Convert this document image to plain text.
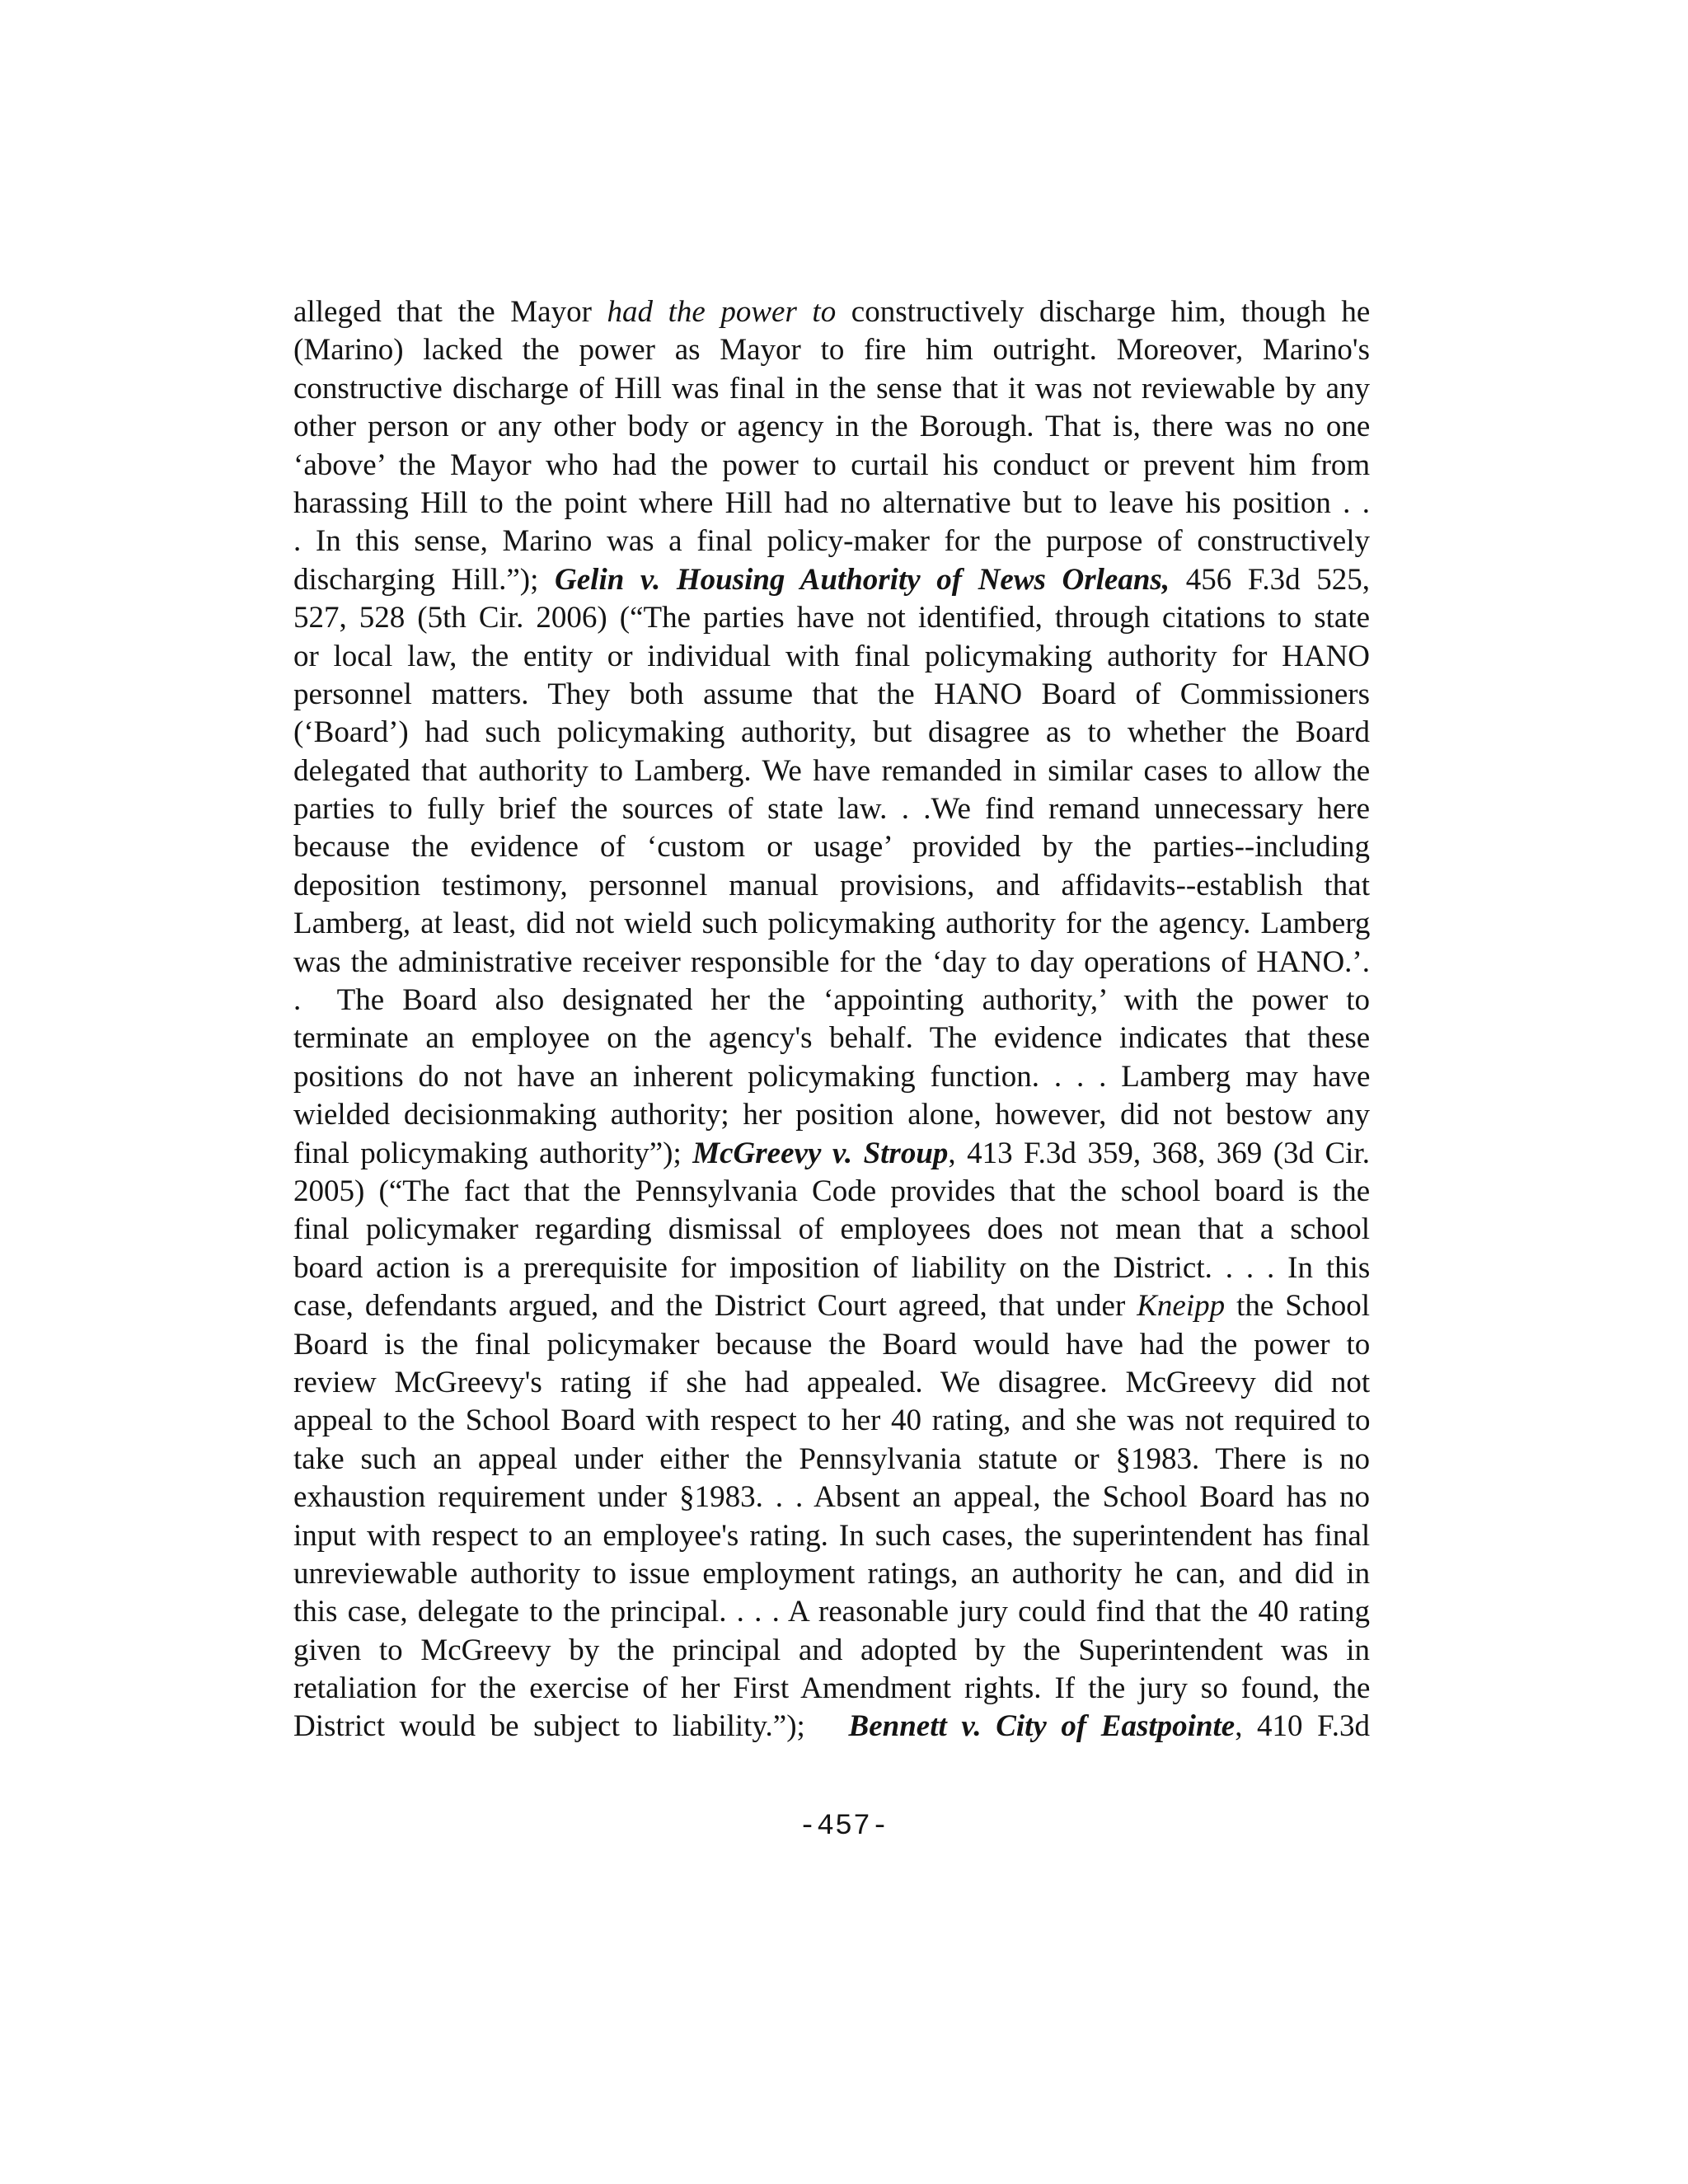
alleged that the Mayor had the power to constructively discharge him, though he
(Marino) lacked the power as Mayor to fire him outright. Moreover, Marino's
constructive discharge of Hill was final in the sense that it was not reviewable by any
other person or any other body or agency in the Borough. That is, there was no one
‘above’ the Mayor who had the power to curtail his conduct or prevent him from
harassing Hill to the point where Hill had no alternative but to leave his position . .
. In this sense, Marino was a final policy-maker for the purpose of constructively
discharging Hill.”); Gelin v. Housing Authority of News Orleans, 456 F.3d 525,
527, 528 (5th Cir. 2006) (“The parties have not identified, through citations to state
or local law, the entity or individual with final policymaking authority for HANO
personnel matters. They both assume that the HANO Board of Commissioners
(‘Board’) had such policymaking authority, but disagree as to whether the Board
delegated that authority to Lamberg. We have remanded in similar cases to allow the
parties to fully brief the sources of state law. . .We find remand unnecessary here
because the evidence of ‘custom or usage’ provided by the parties--including
deposition testimony, personnel manual provisions, and affidavits--establish that
Lamberg, at least, did not wield such policymaking authority for the agency. Lamberg
was the administrative receiver responsible for the ‘day to day operations of HANO.’.
.  The Board also designated her the ‘appointing authority,’ with the power to
terminate an employee on the agency's behalf. The evidence indicates that these
positions do not have an inherent policymaking function. . . . Lamberg may have
wielded decisionmaking authority; her position alone, however, did not bestow any
final policymaking authority”); McGreevy v. Stroup, 413 F.3d 359, 368, 369 (3d Cir.
2005) (“The fact that the Pennsylvania Code provides that the school board is the
final policymaker regarding dismissal of employees does not mean that a school
board action is a prerequisite for imposition of liability on the District. . . . In this
case, defendants argued, and the District Court agreed, that under Kneipp the School
Board is the final policymaker because the Board would have had the power to
review McGreevy's rating if she had appealed. We disagree. McGreevy did not
appeal to the School Board with respect to her 40 rating, and she was not required to
take such an appeal under either the Pennsylvania statute or §1983. There is no
exhaustion requirement under §1983. . . Absent an appeal, the School Board has no
input with respect to an employee's rating. In such cases, the superintendent has final
unreviewable authority to issue employment ratings, an authority he can, and did in
this case, delegate to the principal. . . . A reasonable jury could find that the 40 rating
given to McGreevy by the principal and adopted by the Superintendent was in
retaliation for the exercise of her First Amendment rights. If the jury so found, the
District would be subject to liability.”);   Bennett v. City of Eastpointe, 410 F.3d
-457-
